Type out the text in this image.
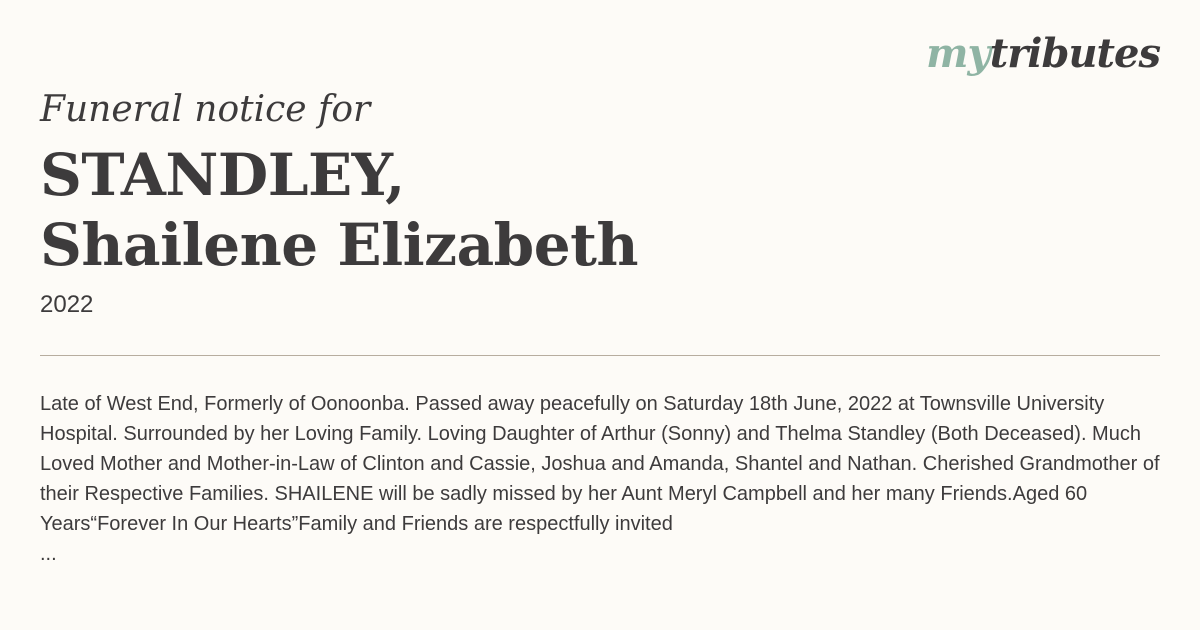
mytributes
Funeral notice for
STANDLEY,
Shailene Elizabeth
2022
Late of West End, Formerly of Oonoonba. Passed away peacefully on Saturday 18th June, 2022 at Townsville University Hospital. Surrounded by her Loving Family. Loving Daughter of Arthur (Sonny) and Thelma Standley (Both Deceased). Much Loved Mother and Mother-in-Law of Clinton and Cassie, Joshua and Amanda, Shantel and Nathan. Cherished Grandmother of their Respective Families. SHAILENE will be sadly missed by her Aunt Meryl Campbell and her many Friends.Aged 60 Years“Forever In Our Hearts”Family and Friends are respectfully invited
...
